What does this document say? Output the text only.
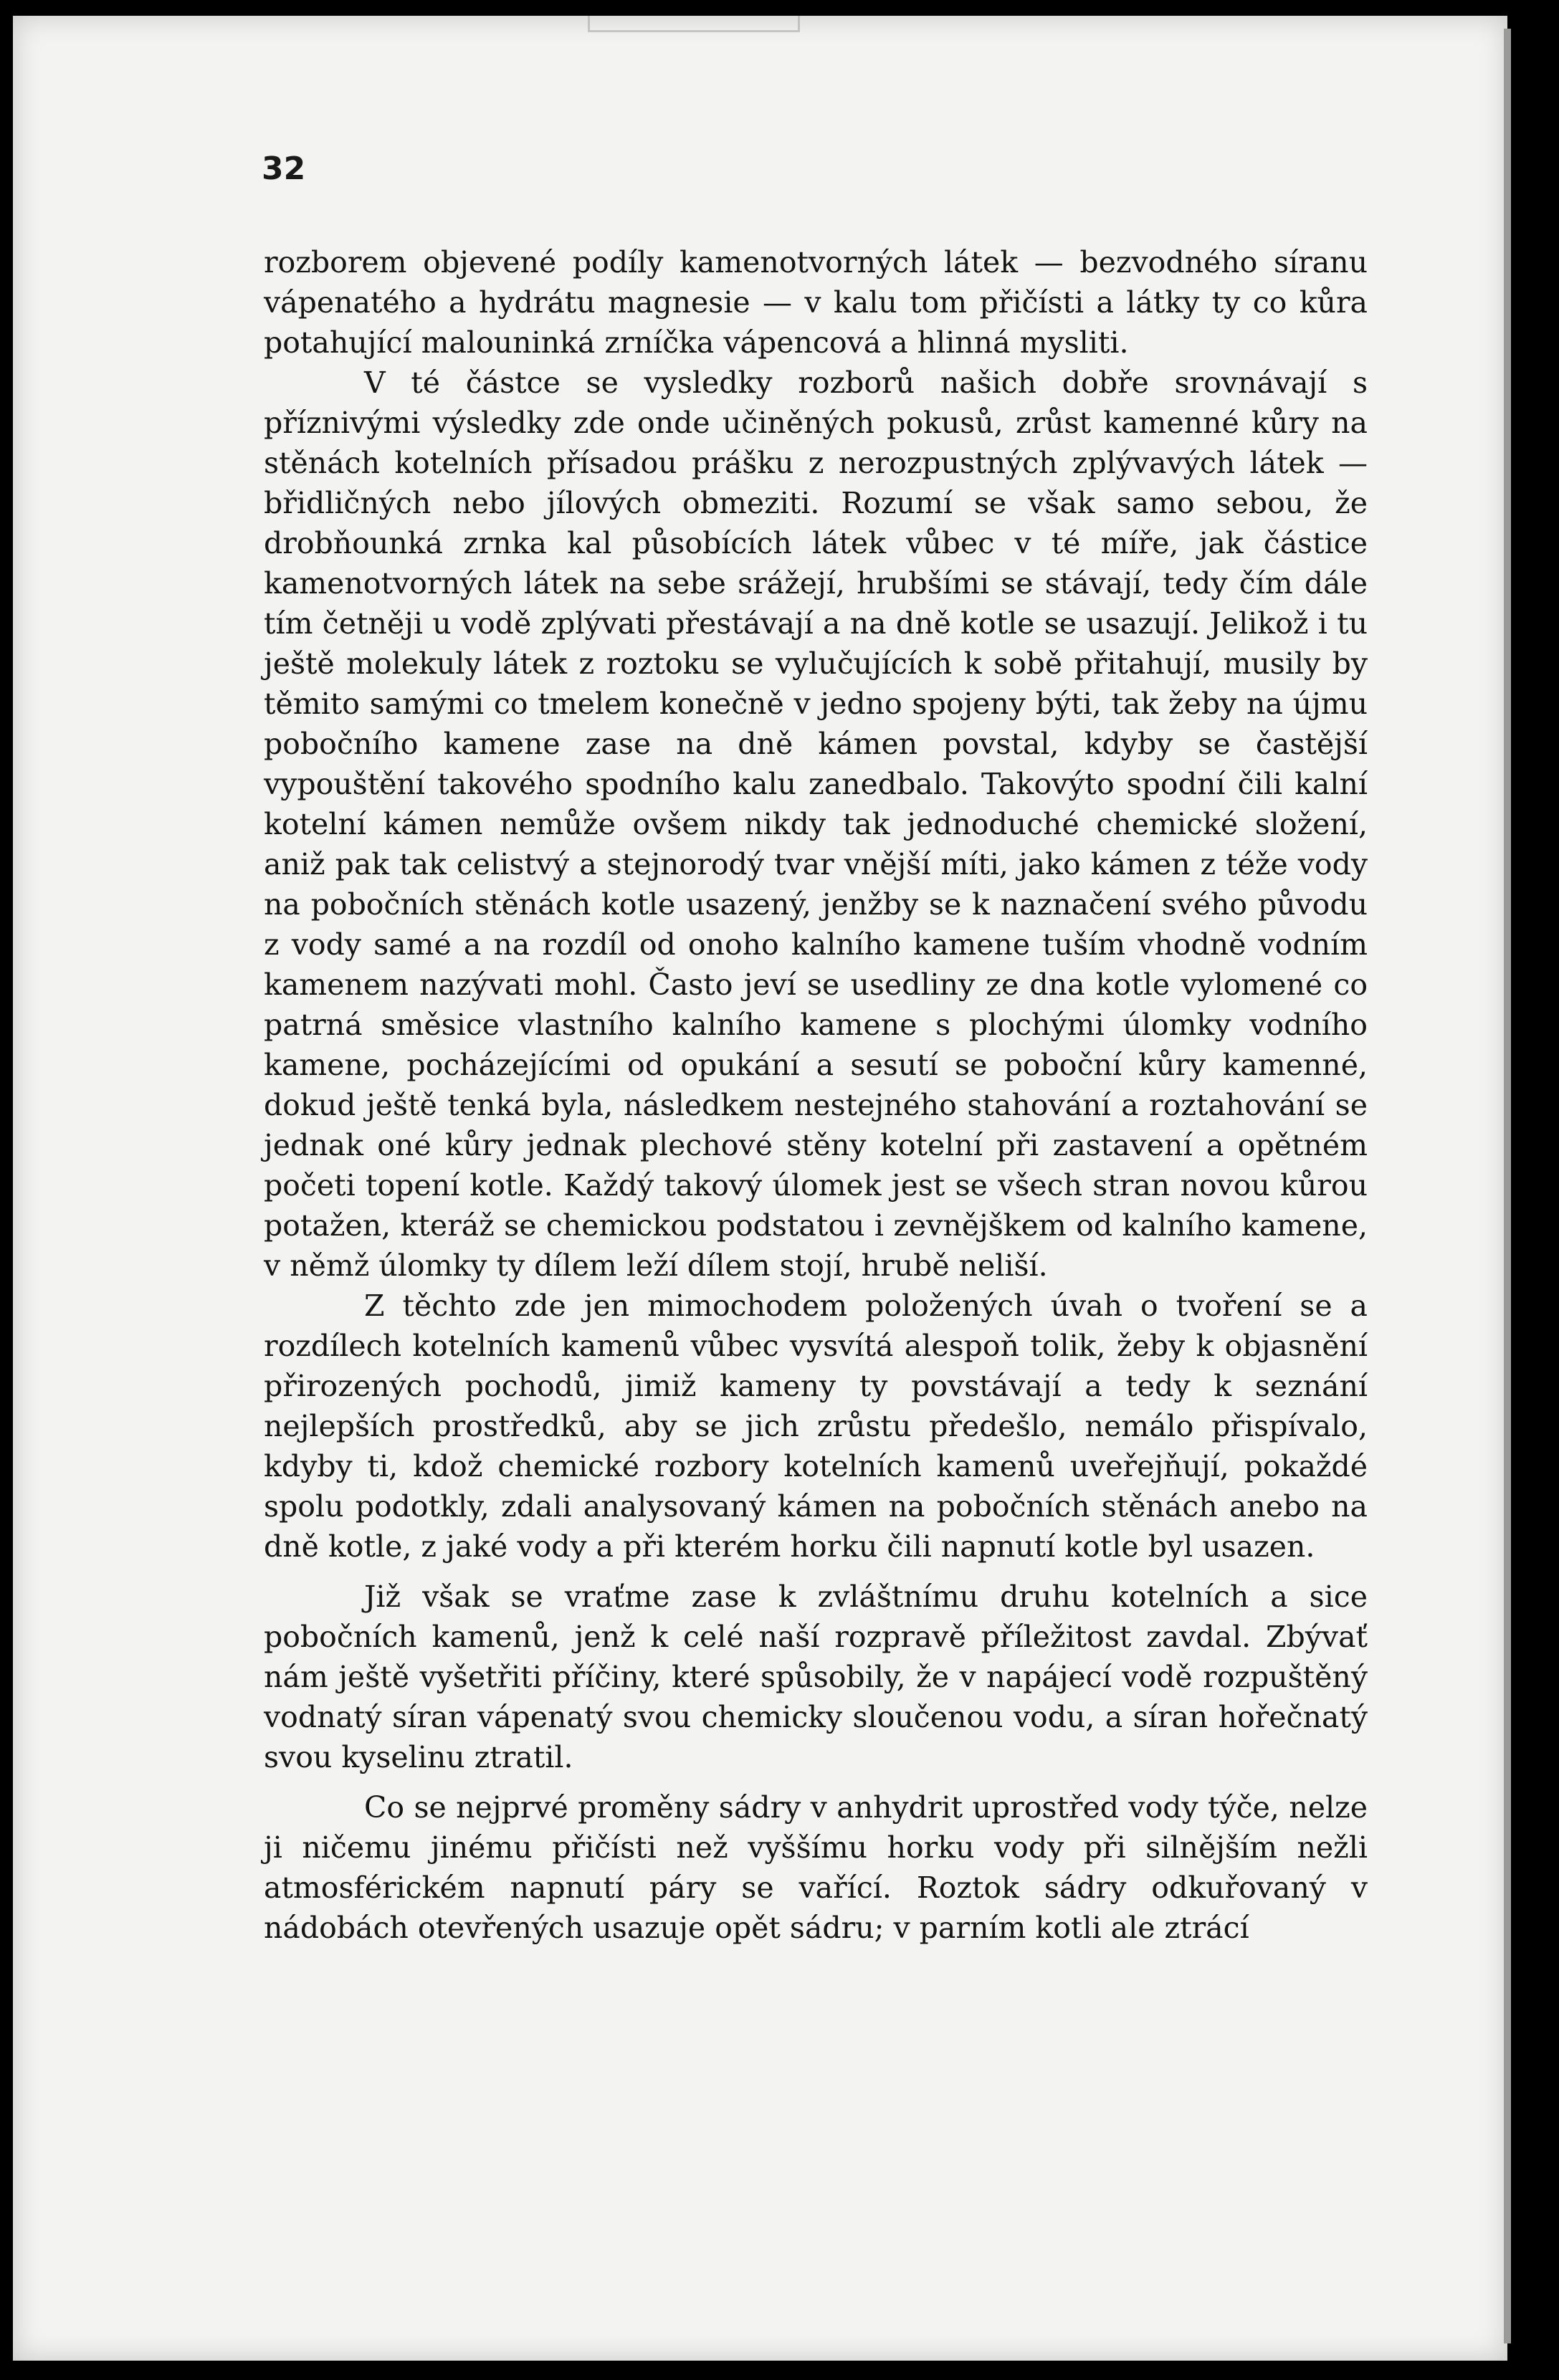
32

rozborem objevené podíly kamenotvorných látek — bezvodného síranu vápenatého a hydrátu magnesie — v kalu tom přičísti a látky ty co kůra potahující malouninká zrníčka vápencová a hlinná mysliti.

V té částce se vysledky rozborů našich dobře srovnávají s příznivými výsledky zde onde učiněných pokusů, zrůst kamenné kůry na stěnách kotelních přísadou prášku z nerozpustných zplývavých látek — břidličných nebo jílových obmeziti. Rozumí se však samo sebou, že drobňounká zrnka kal působících látek vůbec v té míře, jak částice kamenotvorných látek na sebe srážejí, hrubšími se stávají, tedy čím dále tím četněji u vodě zplývati přestávají a na dně kotle se usazují. Jelikož i tu ještě molekuly látek z roztoku se vylučujících k sobě přitahují, musily by těmito samými co tmelem konečně v jedno spojeny býti, tak žeby na újmu pobočního kamene zase na dně kámen povstal, kdyby se častější vypouštění takového spodního kalu zanedbalo. Takovýto spodní čili kalní kotelní kámen nemůže ovšem nikdy tak jednoduché chemické složení, aniž pak tak celistvý a stejnorodý tvar vnější míti, jako kámen z téže vody na pobočních stěnách kotle usazený, jenžby se k naznačení svého původu z vody samé a na rozdíl od onoho kalního kamene tuším vhodně vodním kamenem nazývati mohl. Často jeví se usedliny ze dna kotle vylomené co patrná směsice vlastního kalního kamene s plochými úlomky vodního kamene, pocházejícími od opukání a sesutí se poboční kůry kamenné, dokud ještě tenká byla, následkem nestejného stahování a roztahování se jednak oné kůry jednak plechové stěny kotelní při zastavení a opětném početi topení kotle. Každý takový úlomek jest se všech stran novou kůrou potažen, kteráž se chemickou podstatou i zevnějškem od kalního kamene, v němž úlomky ty dílem leží dílem stojí, hrubě neliší.

Z těchto zde jen mimochodem položených úvah o tvoření se a rozdílech kotelních kamenů vůbec vysvítá alespoň tolik, žeby k objasnění přirozených pochodů, jimiž kameny ty povstávají a tedy k seznání nejlepších prostředků, aby se jich zrůstu předešlo, nemálo přispívalo, kdyby ti, kdož chemické rozbory kotelních kamenů uveřejňují, pokaždé spolu podotkly, zdali analysovaný kámen na pobočních stěnách anebo na dně kotle, z jaké vody a při kterém horku čili napnutí kotle byl usazen.

Již však se vraťme zase k zvláštnímu druhu kotelních a sice pobočních kamenů, jenž k celé naší rozpravě příležitost zavdal. Zbývať nám ještě vyšetřiti příčiny, které spůsobily, že v napájecí vodě rozpuštěný vodnatý síran vápenatý svou chemicky sloučenou vodu, a síran hořečnatý svou kyselinu ztratil.

Co se nejprvé proměny sádry v anhydrit uprostřed vody týče, nelze ji ničemu jinému přičísti než vyššímu horku vody při silnějším nežli atmosférickém napnutí páry se vařící. Roztok sádry odkuřovaný v nádobách otevřených usazuje opět sádru; v parním kotli ale ztrácí
